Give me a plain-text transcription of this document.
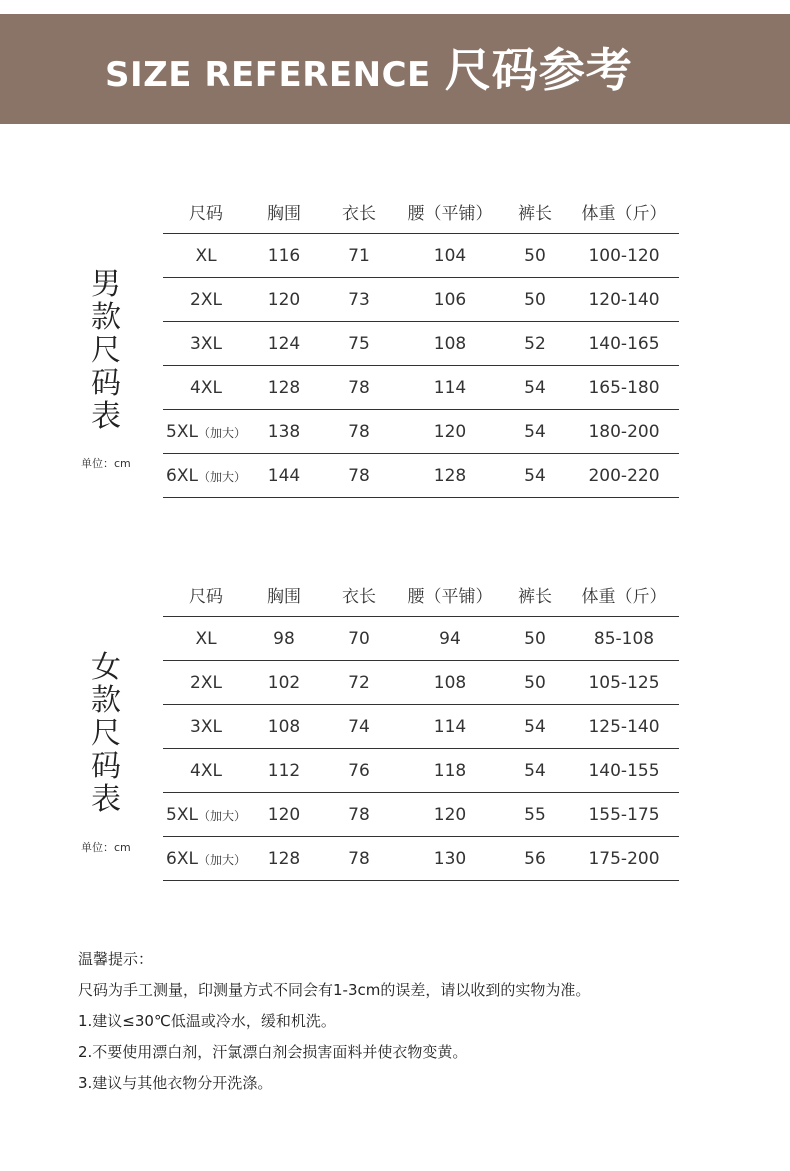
SIZE REFERENCE 尺码参考
男
款
尺
码
表
单位：cm
尺码	胸围	衣长	腰（平铺）	裤长	体重（斤）
XL	116	71	104	50	100-120
2XL	120	73	106	50	120-140
3XL	124	75	108	52	140-165
4XL	128	78	114	54	165-180
5XL（加大）	138	78	120	54	180-200
6XL（加大）	144	78	128	54	200-220
女
款
尺
码
表
单位：cm
尺码	胸围	衣长	腰（平铺）	裤长	体重（斤）
XL	98	70	94	50	85-108
2XL	102	72	108	50	105-125
3XL	108	74	114	54	125-140
4XL	112	76	118	54	140-155
5XL（加大）	120	78	120	55	155-175
6XL（加大）	128	78	130	56	175-200
温馨提示：
尺码为手工测量，印测量方式不同会有1-3cm的误差，请以收到的实物为准。
1.建议≤30℃低温或冷水，缓和机洗。
2.不要使用漂白剂，汗氯漂白剂会损害面料并使衣物变黄。
3.建议与其他衣物分开洗涤。
